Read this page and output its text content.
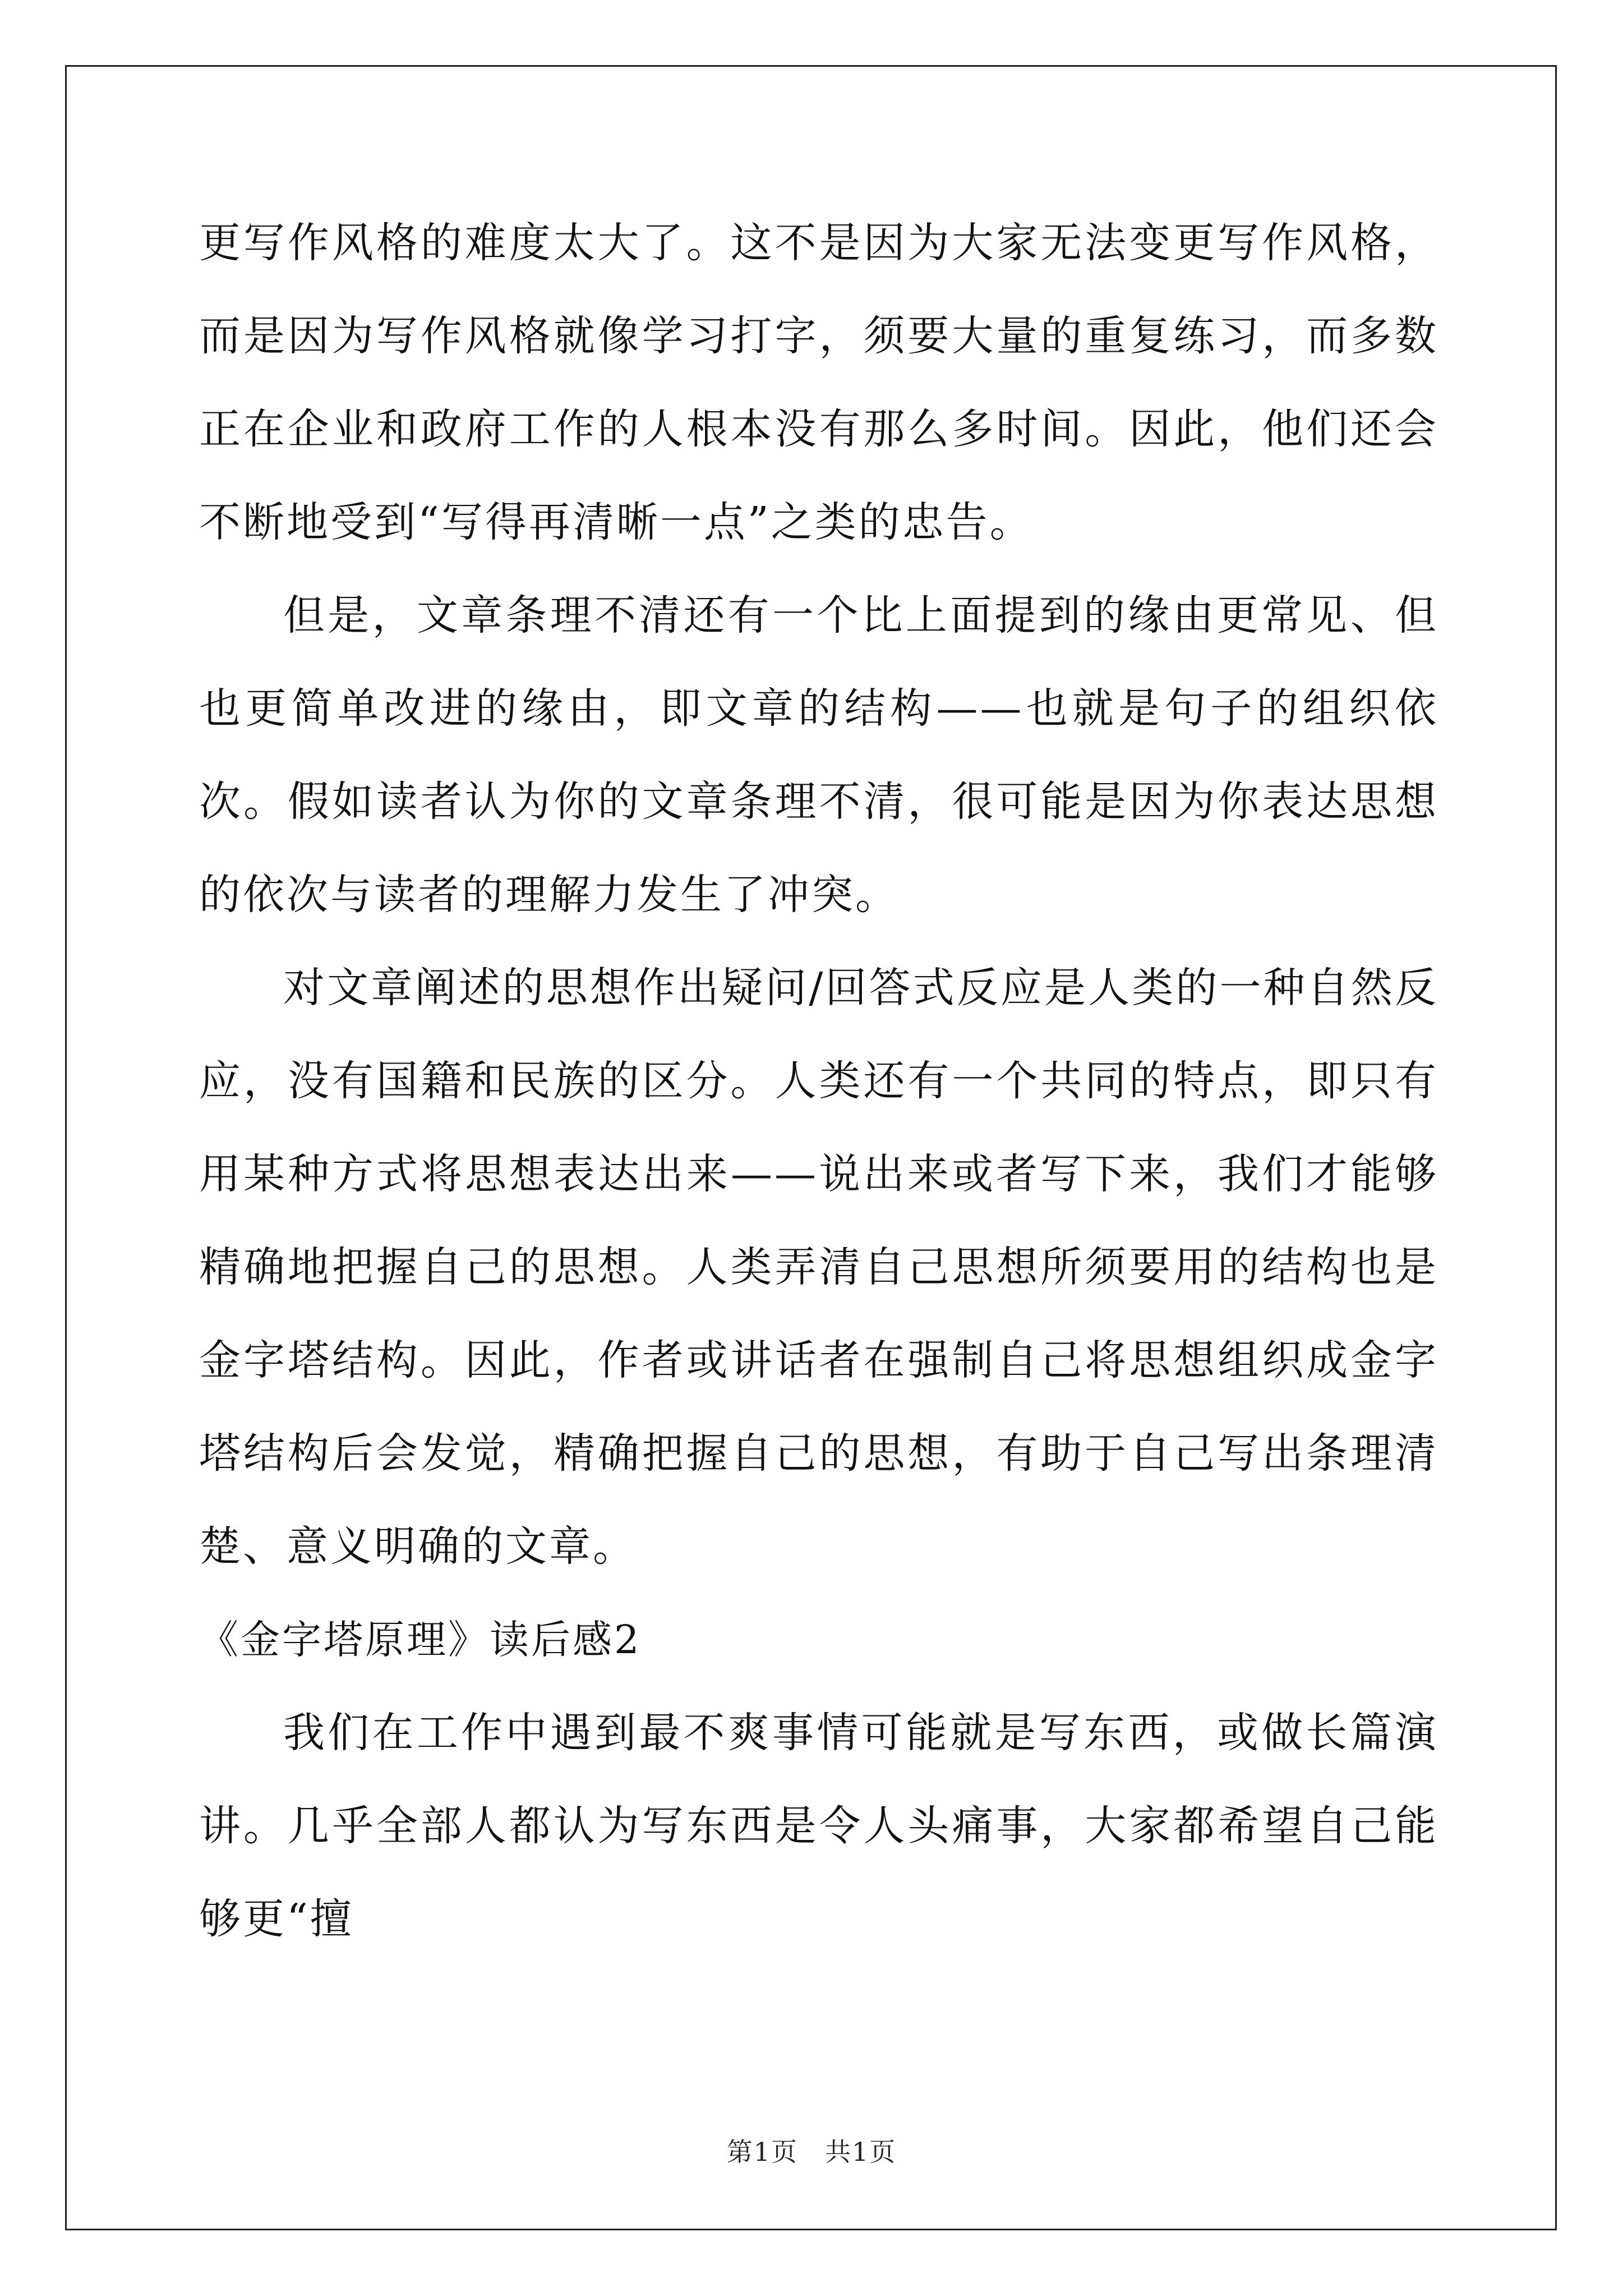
更写作风格的难度太大了。这不是因为大家无法变更写作风格，而是因为写作风格就像学习打字，须要大量的重复练习，而多数正在企业和政府工作的人根本没有那么多时间。因此，他们还会不断地受到“写得再清晰一点”之类的忠告。

但是，文章条理不清还有一个比上面提到的缘由更常见、但也更简单改进的缘由，即文章的结构——也就是句子的组织依次。假如读者认为你的文章条理不清，很可能是因为你表达思想的依次与读者的理解力发生了冲突。

对文章阐述的思想作出疑问/回答式反应是人类的一种自然反应，没有国籍和民族的区分。人类还有一个共同的特点，即只有用某种方式将思想表达出来——说出来或者写下来，我们才能够精确地把握自己的思想。人类弄清自己思想所须要用的结构也是金字塔结构。因此，作者或讲话者在强制自己将思想组织成金字塔结构后会发觉，精确把握自己的思想，有助于自己写出条理清楚、意义明确的文章。

《金字塔原理》读后感2

我们在工作中遇到最不爽事情可能就是写东西，或做长篇演讲。几乎全部人都认为写东西是令人头痛事，大家都希望自己能够更“擅

第1页　共1页
